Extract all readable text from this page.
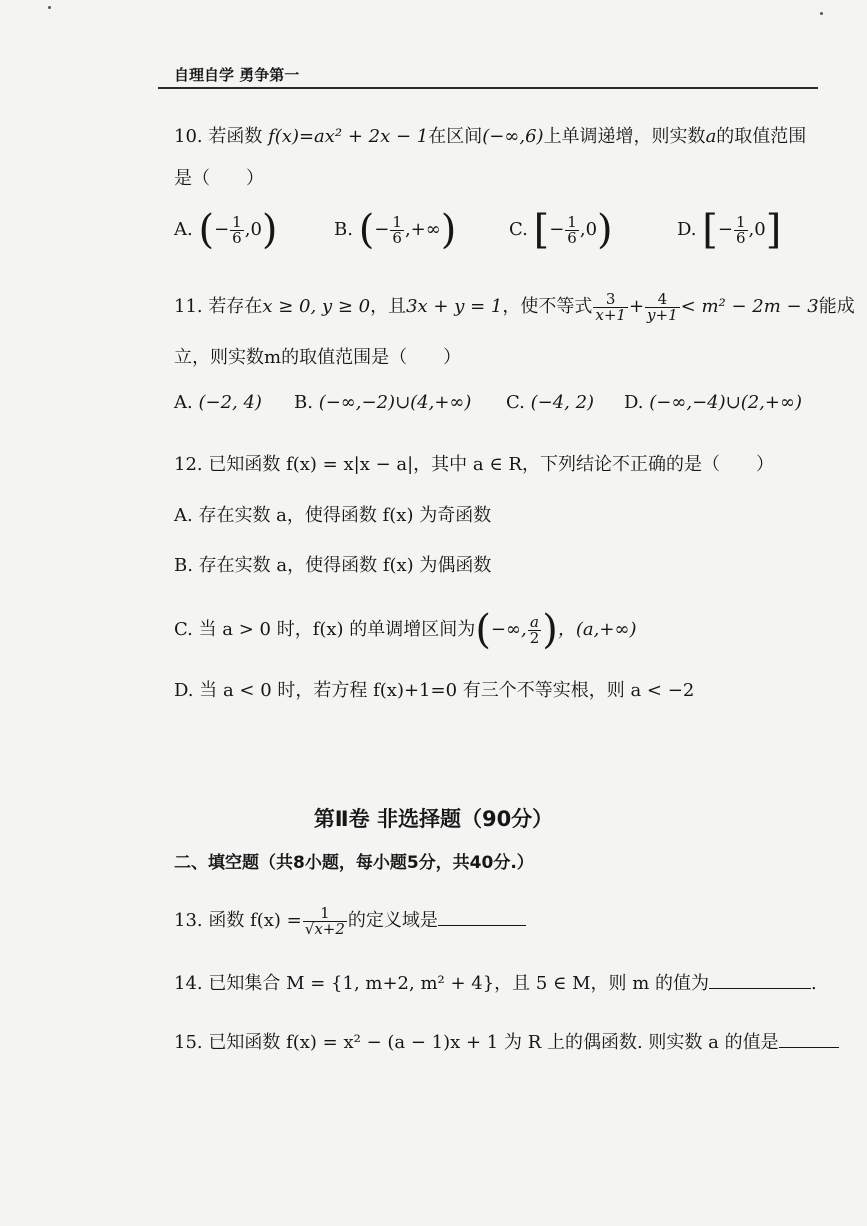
自理自学 勇争第一
10. 若函数 f(x)=ax² + 2x − 1在区间(−∞,6)上单调递增，则实数a的取值范围
是（　　）
A. (− $\frac{1}{6} ,0$)	B. (− $\frac{1}{6}$ ,+∞)	C. [− $\frac{1}{6} ,0$)	D. [− $\frac{1}{6} ,0$]
11. 若存在x ≥ 0, y ≥ 0，且3x + y = 1，使不等式 $\frac{3}{x+1} + \frac{4}{y+1} < m^2 - 2m - 3$能成
立，则实数m的取值范围是（　　）
A. (−2, 4) B. (−∞,−2)∪(4,+∞) C. (−4, 2) D. (−∞,−4)∪(2,+∞)
12. 已知函数 f(x) = x|x − a|，其中 a ∈ R，下列结论不正确的是（　　）
A. 存在实数 a，使得函数 f(x) 为奇函数
B. 存在实数 a，使得函数 f(x) 为偶函数
C. 当 a > 0 时，f(x) 的单调增区间为(−∞, $\frac{a}{2}$ )，(a,+∞)
D. 当 a < 0 时，若方程 f(x)+1=0 有三个不等实根，则 a < −2
第Ⅱ卷 非选择题（90分）
二、填空题（共8小题，每小题5分，共40分.）
13. 函数 $f(x) = \frac{1}{√x+2}$ 的定义域是
14. 已知集合 M = {1, m+2, m² + 4}，且 5 ∈ M，则 m 的值为	.
15. 已知函数 f(x) = x² − (a − 1)x + 1 为 R 上的偶函数. 则实数 a 的值是
